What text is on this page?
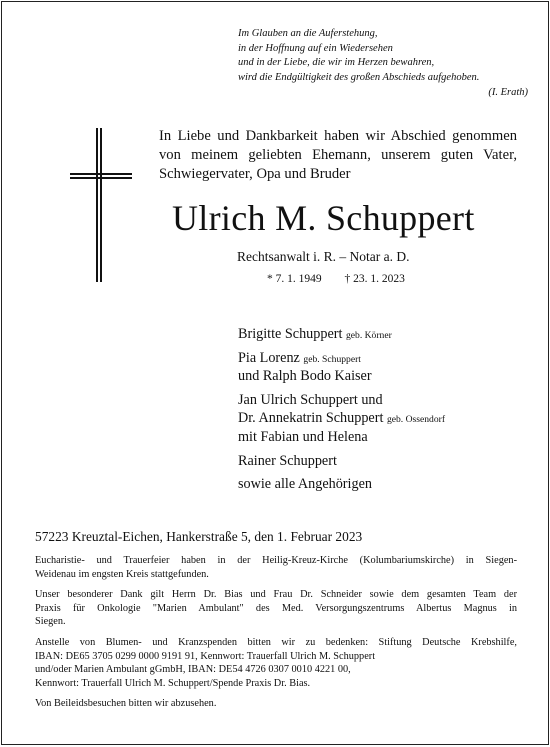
Im Glauben an die Auferstehung,
in der Hoffnung auf ein Wiedersehen
und in der Liebe, die wir im Herzen bewahren,
wird die Endgültigkeit des großen Abschieds aufgehoben.
(I. Erath)
In Liebe und Dankbarkeit haben wir Abschied genommen
von meinem geliebten Ehemann, unserem guten Vater,
Schwiegervater, Opa und Bruder
Ulrich M. Schuppert
Rechtsanwalt i. R. – Notar a. D.
* 7. 1. 1949 † 23. 1. 2023
Brigitte Schuppert geb. Körner
Pia Lorenz geb. Schuppert
und Ralph Bodo Kaiser
Jan Ulrich Schuppert und
Dr. Annekatrin Schuppert geb. Ossendorf
mit Fabian und Helena
Rainer Schuppert
sowie alle Angehörigen
57223 Kreuztal-Eichen, Hankerstraße 5, den 1. Februar 2023

Eucharistie- und Trauerfeier haben in der Heilig-Kreuz-Kirche (Kolumbariumskirche) in Siegen-
Weidenau im engsten Kreis stattgefunden.

Unser besonderer Dank gilt Herrn Dr. Bias und Frau Dr. Schneider sowie dem gesamten Team der
Praxis für Onkologie "Marien Ambulant" des Med. Versorgungszentrums Albertus Magnus in
Siegen.

Anstelle von Blumen- und Kranzspenden bitten wir zu bedenken: Stiftung Deutsche Krebshilfe,
IBAN: DE65 3705 0299 0000 9191 91, Kennwort: Trauerfall Ulrich M. Schuppert
und/oder Marien Ambulant gGmbH, IBAN: DE54 4726 0307 0010 4221 00,
Kennwort: Trauerfall Ulrich M. Schuppert/Spende Praxis Dr. Bias.

Von Beileidsbesuchen bitten wir abzusehen.
